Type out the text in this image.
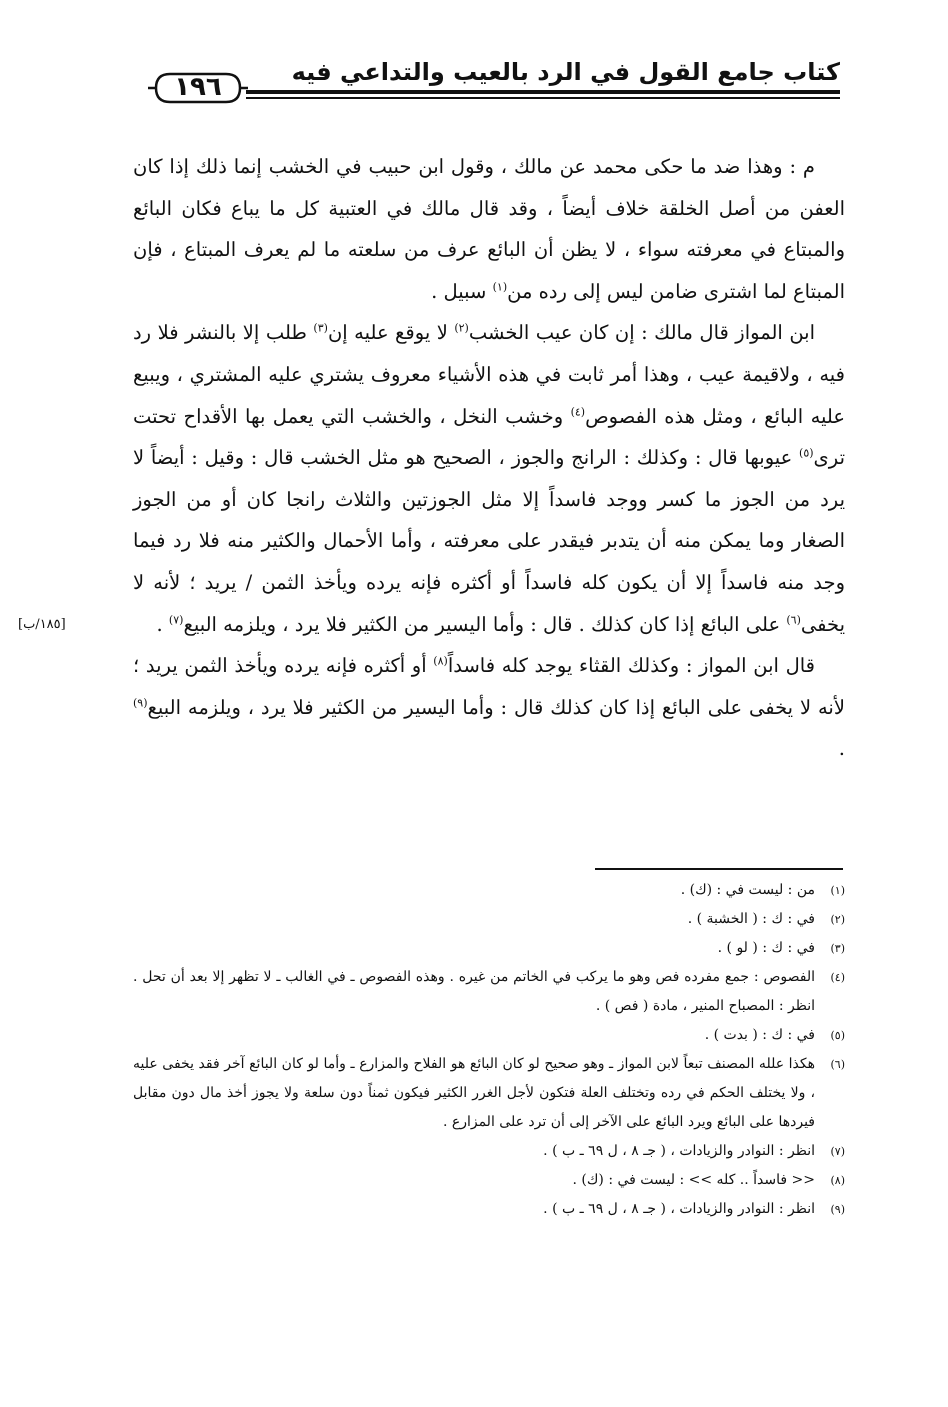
كتاب جامع القول في الرد بالعيب والتداعي فيه
١٩٦

م : وهذا ضد ما حكى محمد عن مالك ، وقول ابن حبيب في الخشب إنما ذلك إذا كان العفن من أصل الخلقة خلاف أيضاً ، وقد قال مالك في العتبية كل ما يباع فكان البائع والمبتاع في معرفته سواء ، لا يظن أن البائع عرف من سلعته ما لم يعرف المبتاع ، فإن المبتاع لما اشترى ضامن ليس إلى رده من$^{(١)}$ سبيل .

ابن المواز قال مالك : إن كان عيب الخشب$^{(٢)}$ لا يوقع عليه إن$^{(٣)}$ طلب إلا بالنشر فلا رد فيه ، ولاقيمة عيب ، وهذا أمر ثابت في هذه الأشياء معروف يشتري عليه المشتري ، ويبيع عليه البائع ، ومثل هذه الفصوص$^{(٤)}$ وخشب النخل ، والخشب التي يعمل بها الأقداح تحتت ترى$^{(٥)}$ عيوبها قال : وكذلك : الرانج والجوز ، الصحيح هو مثل الخشب قال : وقيل : أيضاً لا يرد من الجوز ما كسر ووجد فاسداً إلا مثل الجوزتين والثلاث رانجا كان أو من الجوز الصغار وما يمكن منه أن يتدبر فيقدر على معرفته ، وأما الأحمال والكثير منه فلا رد فيما وجد منه فاسداً إلا أن يكون كله فاسداً أو أكثره فإنه يرده ويأخذ الثمن / يريد ؛ لأنه لا يخفى$^{(٦)}$ على البائع إذا كان كذلك . قال : وأما اليسير من الكثير فلا يرد ، ويلزمه البيع$^{(٧)}$ .

قال ابن المواز : وكذلك القثاء يوجد كله فاسداً$^{(٨)}$ أو أكثره فإنه يرده ويأخذ الثمن يريد ؛ لأنه لا يخفى على البائع إذا كان كذلك قال : وأما اليسير من الكثير فلا يرد ، ويلزمه البيع$^{(٩)}$ .

[١٨٥/ب]
(١)
من : ليست في : (ك) .
(٢)
في : ك : ( الخشبة ) .
(٣)
في : ك : ( لو ) .
(٤)
الفصوص : جمع مفرده فص وهو ما يركب في الخاتم من غيره . وهذه الفصوص ـ في الغالب ـ لا تظهر إلا بعد أن تحل . انظر : المصباح المنير ، مادة ( فص ) .
(٥)
في : ك : ( بدت ) .
(٦)
هكذا علله المصنف تبعاً لابن المواز ـ وهو صحيح لو كان البائع هو الفلاح والمزارع ـ وأما لو كان البائع آخر فقد يخفى عليه ، ولا يختلف الحكم في رده وتختلف العلة فتكون لأجل الغرر الكثير فيكون ثمناً دون سلعة ولا يجوز أخذ مال دون مقابل فيردها على البائع ويرد البائع على الآخر إلى أن ترد على المزارع .
(٧)
انظر : النوادر والزيادات ، ( جـ ٨ ، ل ٦٩ ـ ب ) .
(٨)
<< فاسداً .. كله >> : ليست في : (ك) .
(٩)
انظر : النوادر والزيادات ، ( جـ ٨ ، ل ٦٩ ـ ب ) .
